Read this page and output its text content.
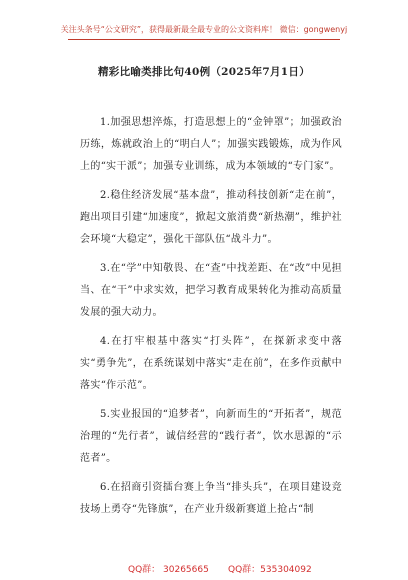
关注头条号“公文研究”，获得最新最全最专业的公文资料库！ 微信：gongwenyj
精彩比喻类排比句40例（2025年7月1日）

1.加强思想淬炼，打造思想上的“金钟罩”；加强政治历练，炼就政治上的“明白人”；加强实践锻炼，成为作风上的“实干派”；加强专业训练，成为本领域的“专门家”。

2.稳住经济发展“基本盘”，推动科技创新“走在前”，跑出项目引建“加速度”，掀起文旅消费“新热潮”，维护社会环境“大稳定”，强化干部队伍“战斗力”。

3.在“学”中知敬畏、在“查”中找差距、在“改”中见担当、在“干”中求实效，把学习教育成果转化为推动高质量发展的强大动力。

4.在打牢根基中落实“打头阵”，在探新求变中落实“勇争先”，在系统谋划中落实“走在前”，在多作贡献中落实“作示范”。

5.实业报国的“追梦者”，向新而生的“开拓者”，规范治理的“先行者”，诚信经营的“践行者”，饮水思源的“示范者”。

6.在招商引资擂台赛上争当“排头兵”，在项目建设竞技场上勇夺“先锋旗”，在产业升级新赛道上抢占“制

QQ群： 30265665 QQ群：535304092
